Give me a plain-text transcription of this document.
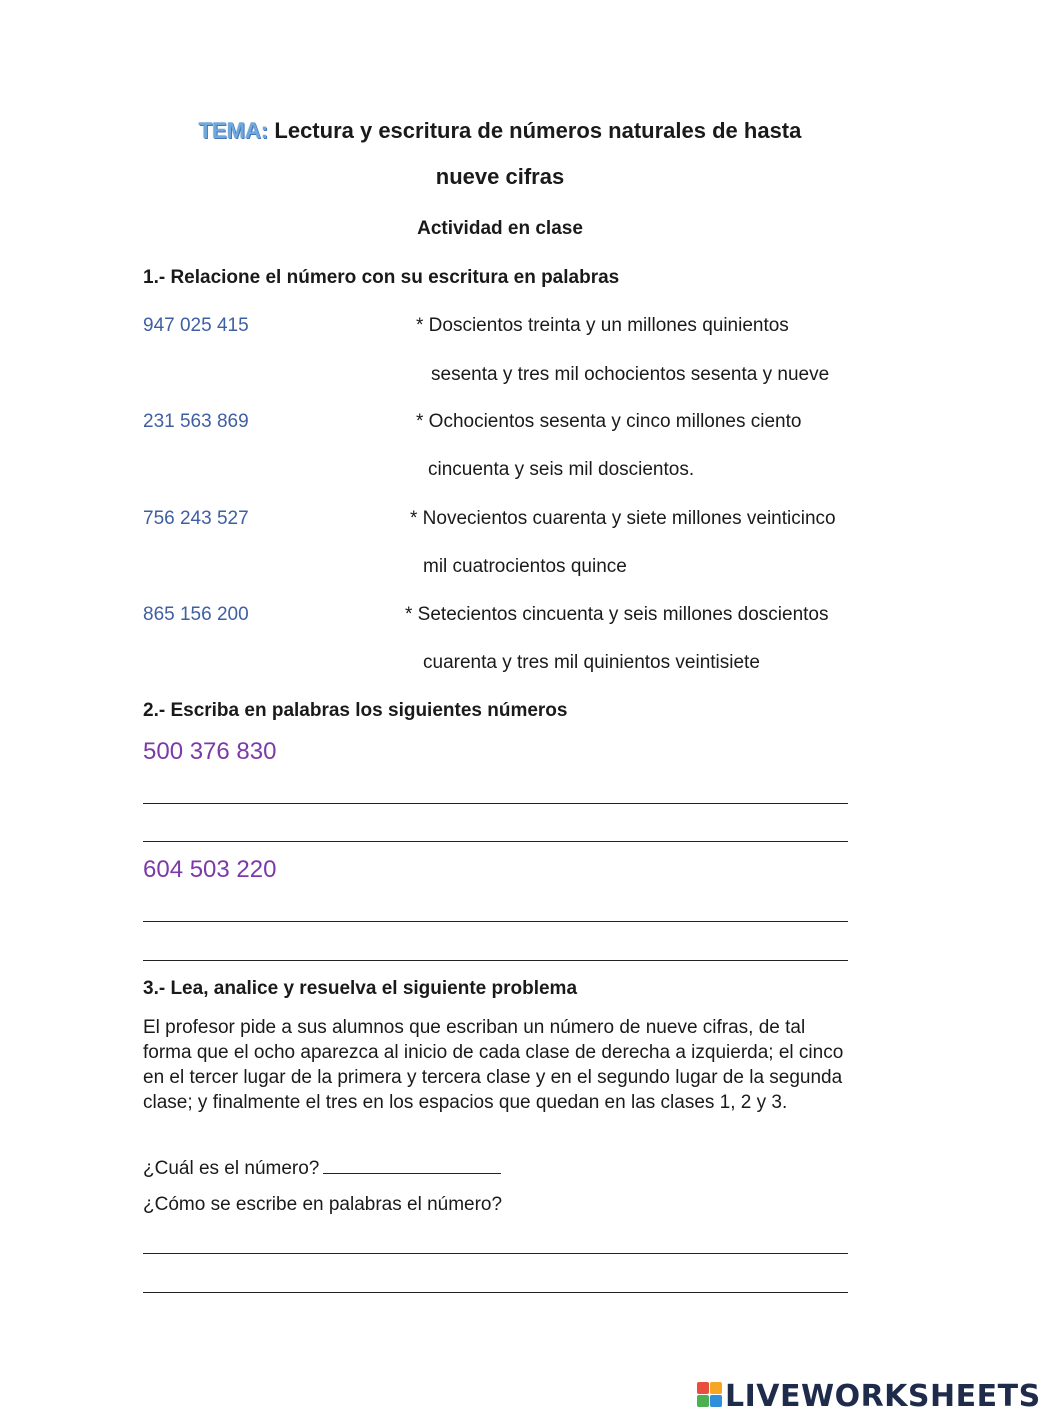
TEMA: Lectura y escritura de números naturales de hasta
nueve cifras
Actividad en clase
1.- Relacione el número con su escritura en palabras
947 025 415	* Doscientos treinta y un millones quinientos
sesenta y tres mil ochocientos sesenta y nueve
231 563 869	* Ochocientos sesenta y cinco millones ciento
cincuenta y seis mil doscientos.
756 243 527	* Novecientos cuarenta y siete millones veinticinco
mil cuatrocientos quince
865 156 200	* Setecientos cincuenta y seis millones doscientos
cuarenta y tres mil quinientos veintisiete
2.- Escriba en palabras los siguientes números
500 376 830
604 503 220
3.- Lea, analice y resuelva el siguiente problema
El profesor pide a sus alumnos que escriban un número de nueve cifras, de tal forma que el ocho aparezca al inicio de cada clase de derecha a izquierda; el cinco en el tercer lugar de la primera y tercera clase y en el segundo lugar de la segunda clase; y finalmente el tres en los espacios que quedan en las clases 1, 2 y 3.
¿Cuál es el número?
¿Cómo se escribe en palabras el número?
LIVEWORKSHEETS
